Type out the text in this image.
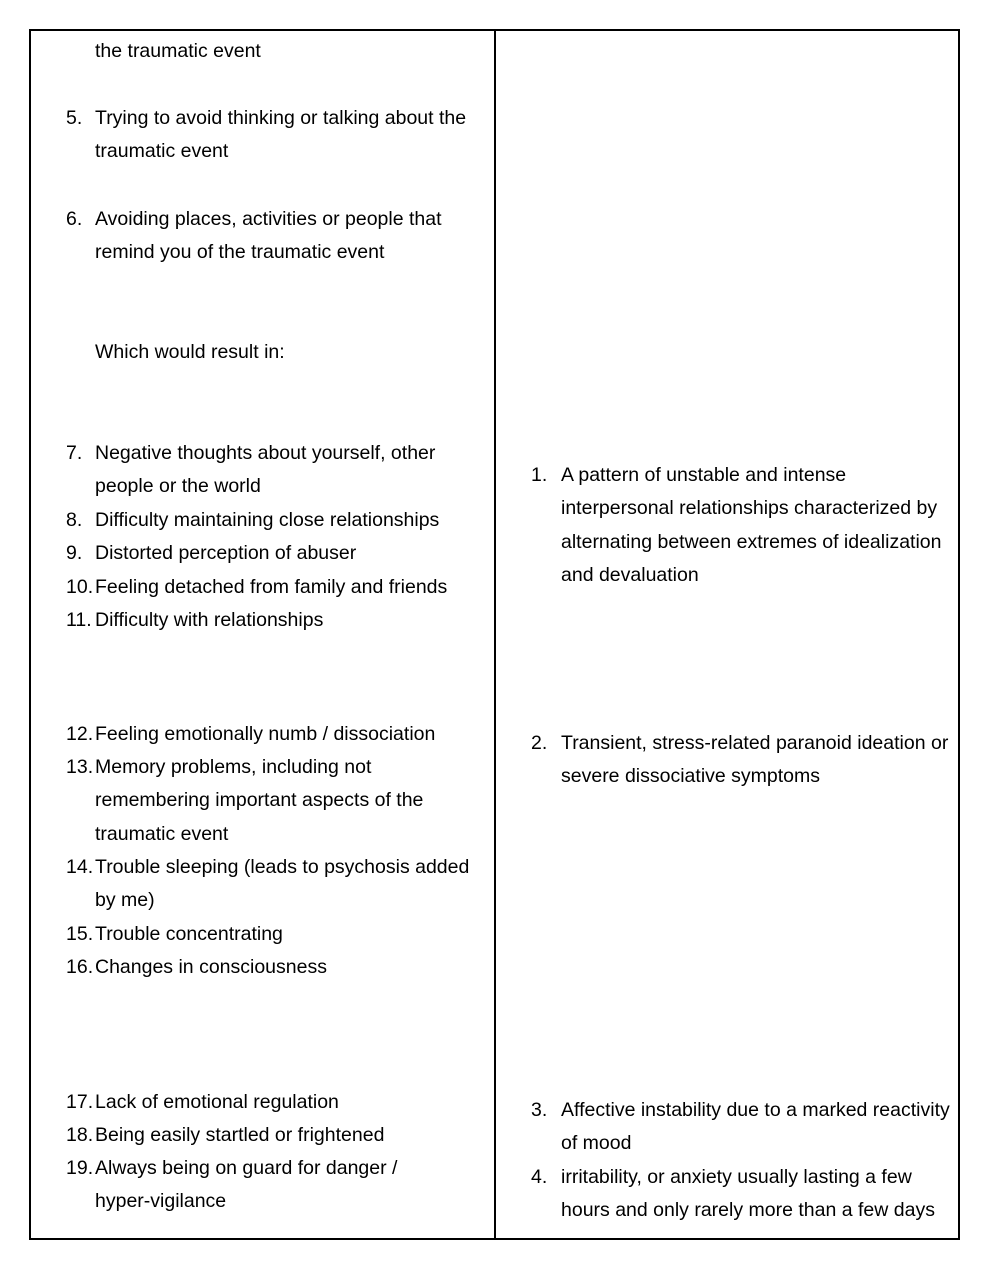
the traumatic event
5. Trying to avoid thinking or talking about the
traumatic event
6. Avoiding places, activities or people that
remind you of the traumatic event
Which would result in:
7. Negative thoughts about yourself, other
people or the world
8. Difficulty maintaining close relationships
9. Distorted perception of abuser
10. Feeling detached from family and friends
11. Difficulty with relationships
12. Feeling emotionally numb / dissociation
13. Memory problems, including not
remembering important aspects of the
traumatic event
14. Trouble sleeping (leads to psychosis added
by me)
15. Trouble concentrating
16. Changes in consciousness
17. Lack of emotional regulation
18. Being easily startled or frightened
19. Always being on guard for danger /
hyper-vigilance
1. A pattern of unstable and intense
interpersonal relationships characterized by
alternating between extremes of idealization
and devaluation
2. Transient, stress-related paranoid ideation or
severe dissociative symptoms
3. Affective instability due to a marked reactivity
of mood
4. irritability, or anxiety usually lasting a few
hours and only rarely more than a few days
